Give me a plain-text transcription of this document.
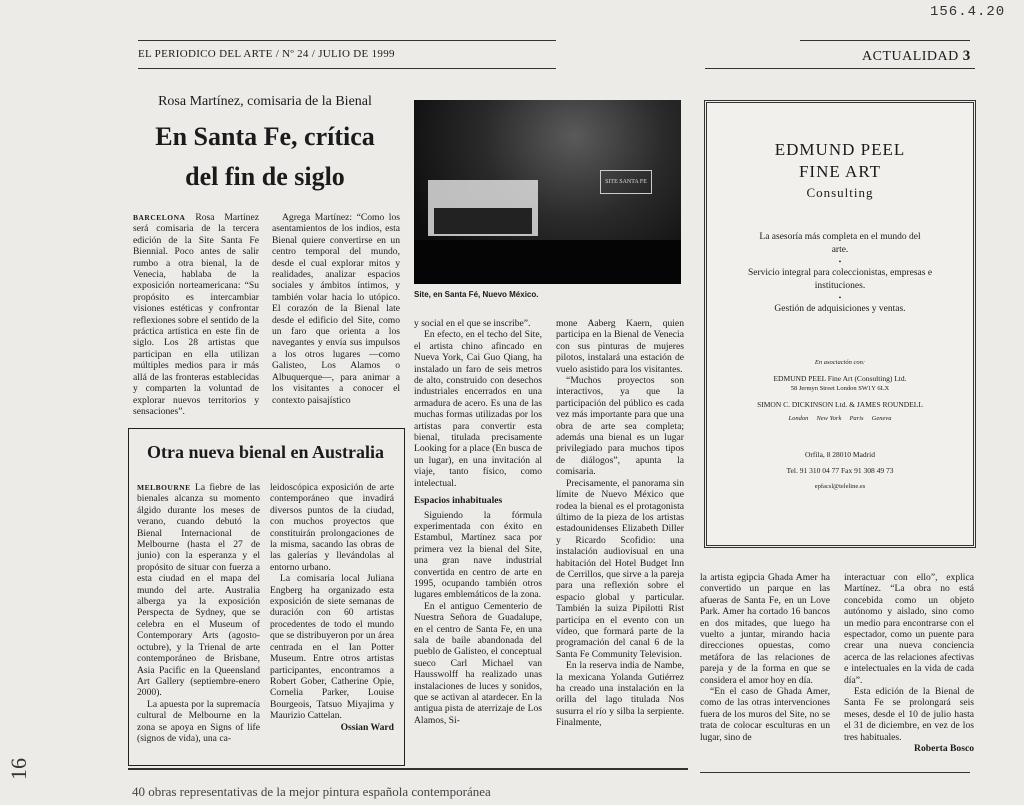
156.4.20
EL PERIODICO DEL ARTE / Nº 24 / JULIO DE 1999	ACTUALIDAD 3
Rosa Martínez, comisaria de la Bienal
En Santa Fe, crítica
del fin de siglo	SITE SANTA FE
Site, en Santa Fé, Nuevo México.

BARCELONA Rosa Martínez será comisaria de la tercera edición de la Site Santa Fe Biennial. Poco antes de salir rumbo a otra bienal, la de Venecia, hablaba de la exposición norteamericana: “Su propósito es intercambiar visiones estéticas y confrontar reflexiones sobre el sentido de la práctica artística en este fin de siglo. Los 28 artistas que participan en ella utilizan múltiples medios para ir más allá de las fronteras establecidas y comparten la voluntad de explorar nuevos territorios y sensaciones”.

Agrega Martínez: “Como los asentamientos de los indios, esta Bienal quiere convertirse en un centro temporal del mundo, desde el cual explorar mitos y realidades, analizar espacios sociales y ámbitos íntimos, y también volar hacia lo utópico. El corazón de la Bienal late desde el edificio del Site, como un faro que orienta a los navegantes y envía sus impulsos a los otros lugares —como Galisteo, Los Alamos o Albuquerque—, para animar a los visitantes a conocer el contexto paisajístico

y social en el que se inscribe”.

En efecto, en el techo del Site, el artista chino afincado en Nueva York, Cai Guo Qiang, ha instalado un faro de seis metros de alto, construido con desechos industriales encerrados en una armadura de acero. Es una de las muchas formas utilizadas por los artistas para convertir esta bienal, titulada precisamente Looking for a place (En busca de un lugar), en una invitación al viaje, tanto físico, como intelectual.

Espacios inhabituales

Siguiendo la fórmula experimentada con éxito en Estambul, Martínez saca por primera vez la bienal del Site, una gran nave industrial convertida en centro de arte en 1995, ocupando también otros lugares emblemáticos de la zona.

En el antiguo Cementerio de Nuestra Señora de Guadalupe, en el centro de Santa Fe, en una sala de baile abandonada del pueblo de Galisteo, el conceptual sueco Carl Michael van Hausswolff ha realizado unas instalaciones de luces y sonidos, que se activan al atardecer. En la antigua pista de aterrizaje de Los Alamos, Si-

mone Aaberg Kaern, quien participa en la Bienal de Venecia con sus pinturas de mujeres pilotos, instalará una estación de vuelo asistido para los visitantes.

“Muchos proyectos son interactivos, ya que la participación del público es cada vez más importante para que una obra de arte sea completa; además una bienal es un lugar privilegiado para muchos tipos de diálogos”, apunta la comisaria.

Precisamente, el panorama sin límite de Nuevo México que rodea la bienal es el protagonista último de la pieza de los artistas estadounidenses Elizabeth Diller y Ricardo Scofidio: una instalación audiovisual en una habitación del Hotel Budget Inn de Cerrillos, que sirve a la pareja para una reflexión sobre el espacio global y particular. También la suiza Pipilotti Rist participa en el evento con un vídeo, que formará parte de la programación del canal 6 de la Santa Fe Community Television.

En la reserva india de Nambe, la mexicana Yolanda Gutiérrez ha creado una instalación en la orilla del lago titulada Nos susurra el río y silba la serpiente. Finalmente,

la artista egipcia Ghada Amer ha convertido un parque en las afueras de Santa Fe, en un Love Park. Amer ha cortado 16 bancos en dos mitades, que luego ha vuelto a juntar, mirando hacia direcciones opuestas, como metáfora de las relaciones de pareja y de la forma en que se considera el amor hoy en día.

“En el caso de Ghada Amer, como de las otras intervenciones fuera de los muros del Site, no se trata de colocar esculturas en un lugar, sino de

interactuar con ello”, explica Martínez. “La obra no está concebida como un objeto autónomo y aislado, sino como un medio para encontrarse con el espectador, como un puente para crear una nueva conciencia acerca de las relaciones afectivas e intelectuales en la vida de cada día”.

Esta edición de la Bienal de Santa Fe se prolongará seis meses, desde el 10 de julio hasta el 31 de diciembre, en vez de los tres habituales.

Roberta Bosco

Otra nueva bienal en Australia

MELBOURNE La fiebre de las bienales alcanza su momento álgido durante los meses de verano, cuando debutó la Bienal Internacional de Melbourne (hasta el 27 de junio) con la esperanza y el propósito de situar con fuerza a esta ciudad en el mapa del mundo del arte. Australia alberga ya la exposición Perspecta de Sydney, que se celebra en el Museum of Contemporary Arts (agosto-octubre), y la Trienal de arte contemporáneo de Brisbane, Asia Pacific en la Queensland Art Gallery (septiembre-enero 2000).

La apuesta por la supremacía cultural de Melbourne en la zona se apoya en Signs of life (signos de vida), una ca-

leidoscópica exposición de arte contemporáneo que invadirá diversos puntos de la ciudad, con muchos proyectos que constituirán prolongaciones de la misma, sacando las obras de las galerías y llevándolas al entorno urbano.

La comisaria local Juliana Engberg ha organizado esta exposición de siete semanas de duración con 60 artistas procedentes de todo el mundo que se distribuyeron por un área centrada en el Ian Potter Museum. Entre otros artistas participantes, encontramos a Robert Gober, Catherine Opie, Cornelia Parker, Louise Bourgeois, Tatsuo Miyajima y Maurizio Cattelan.

Ossian Ward

EDMUND PEEL
FINE ART
Consulting
La asesoría más completa en el mundo del arte.
•
Servicio integral para coleccionistas, empresas e instituciones.
•
Gestión de adquisiciones y ventas.
En asociación con:
EDMUND PEEL Fine Art (Consulting) Ltd.
58 Jermyn Street London SW1Y 6LX
SIMON C. DICKINSON Ltd. & JAMES ROUNDELL
London     New York     Paris     Geneva
Orfila, 8 28010 Madrid
Tel. 91 310 04 77 Fax 91 308 49 73
epfacsl@teleline.es
40 obras representativas de la mejor pintura española contemporánea
16
